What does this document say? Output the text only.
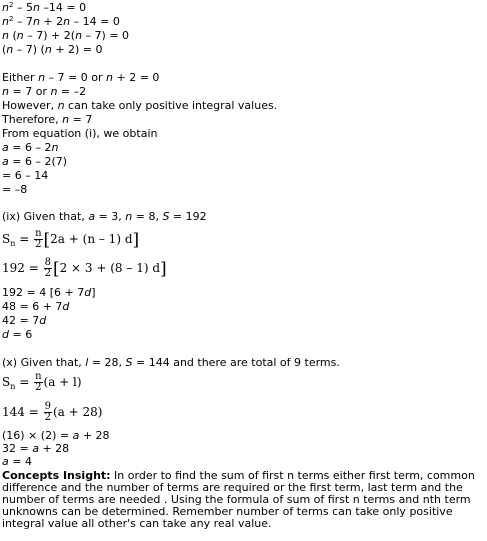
$n^2 - 5n$ –14 = 0
$n^2 - 7n + 2n - 14 = 0$
n (n – 7) + 2(n – 7) = 0
(n – 7) (n + 2) = 0
Either n – 7 = 0 or n + 2 = 0
n = 7 or n = –2
However, n can take only positive integral values.
Therefore, n = 7
From equation (i), we obtain
a = 6 – 2n
a = 6 – 2(7)
= 6 – 14
= –8
(ix) Given that, a = 3, n = 8, S = 192
$S_n = \frac{n}{2} [2a + (n - 1)$ d]
$192 = \frac{8}{2} [2 \times 3 + (8 - 1)$ d]
192 = 4 [6 + 7d]
48 = 6 + 7d
42 = 7d
d = 6
(x) Given that, l = 28, S = 144 and there are total of 9 terms.
$S_n = \frac{n}{2} (a + l)$
$144 = \frac{9}{2} (a + 28)$
(16) × (2) = a + 28
32 = a + 28
a = 4
Concepts Insight: In order to find the sum of first n terms either first term, common difference and the number of terms are required or the first term, last term and the number of terms are needed . Using the formula of sum of first n terms and nth term unknowns can be determined. Remember number of terms can take only positive integral value all other's can take any real value.
